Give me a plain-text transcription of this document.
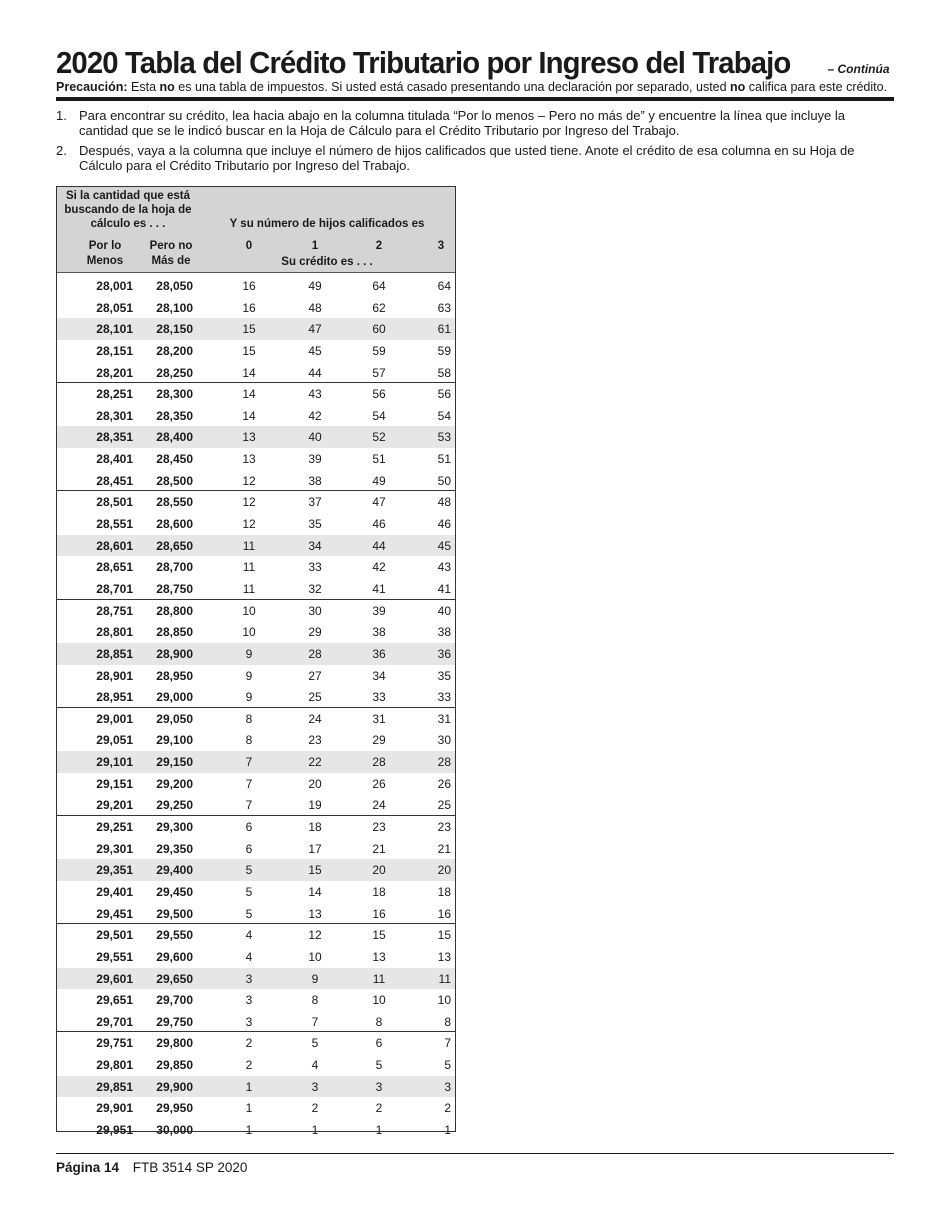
2020 Tabla del Crédito Tributario por Ingreso del Trabajo	– Continúa
Precaución: Esta no es una tabla de impuestos. Si usted está casado presentando una declaración por separado, usted no califica para este crédito.
1. Para encontrar su crédito, lea hacia abajo en la columna titulada “Por lo menos – Pero no más de” y encuentre la línea que incluye la cantidad que se le indicó buscar en la Hoja de Cálculo para el Crédito Tributario por Ingreso del Trabajo.
2. Después, vaya a la columna que incluye el número de hijos calificados que usted tiene. Anote el crédito de esa columna en su Hoja de Cálculo para el Crédito Tributario por Ingreso del Trabajo.
Si la cantidad que está
buscando de la hoja de
cálculo es . . .
Por lo
Menos
Pero no
Más de
Y su número de hijos calificados es
0	1	2	3
Su crédito es . . .
28,001	28,050	16	49	64	64
28,051	28,100	16	48	62	63
28,101	28,150	15	47	60	61
28,151	28,200	15	45	59	59
28,201	28,250	14	44	57	58
28,251	28,300	14	43	56	56
28,301	28,350	14	42	54	54
28,351	28,400	13	40	52	53
28,401	28,450	13	39	51	51
28,451	28,500	12	38	49	50
28,501	28,550	12	37	47	48
28,551	28,600	12	35	46	46
28,601	28,650	11	34	44	45
28,651	28,700	11	33	42	43
28,701	28,750	11	32	41	41
28,751	28,800	10	30	39	40
28,801	28,850	10	29	38	38
28,851	28,900	9	28	36	36
28,901	28,950	9	27	34	35
28,951	29,000	9	25	33	33
29,001	29,050	8	24	31	31
29,051	29,100	8	23	29	30
29,101	29,150	7	22	28	28
29,151	29,200	7	20	26	26
29,201	29,250	7	19	24	25
29,251	29,300	6	18	23	23
29,301	29,350	6	17	21	21
29,351	29,400	5	15	20	20
29,401	29,450	5	14	18	18
29,451	29,500	5	13	16	16
29,501	29,550	4	12	15	15
29,551	29,600	4	10	13	13
29,601	29,650	3	9	11	11
29,651	29,700	3	8	10	10
29,701	29,750	3	7	8	8
29,751	29,800	2	5	6	7
29,801	29,850	2	4	5	5
29,851	29,900	1	3	3	3
29,901	29,950	1	2	2	2
29,951	30,000	1	1	1	1
Página 14 FTB 3514 SP 2020
